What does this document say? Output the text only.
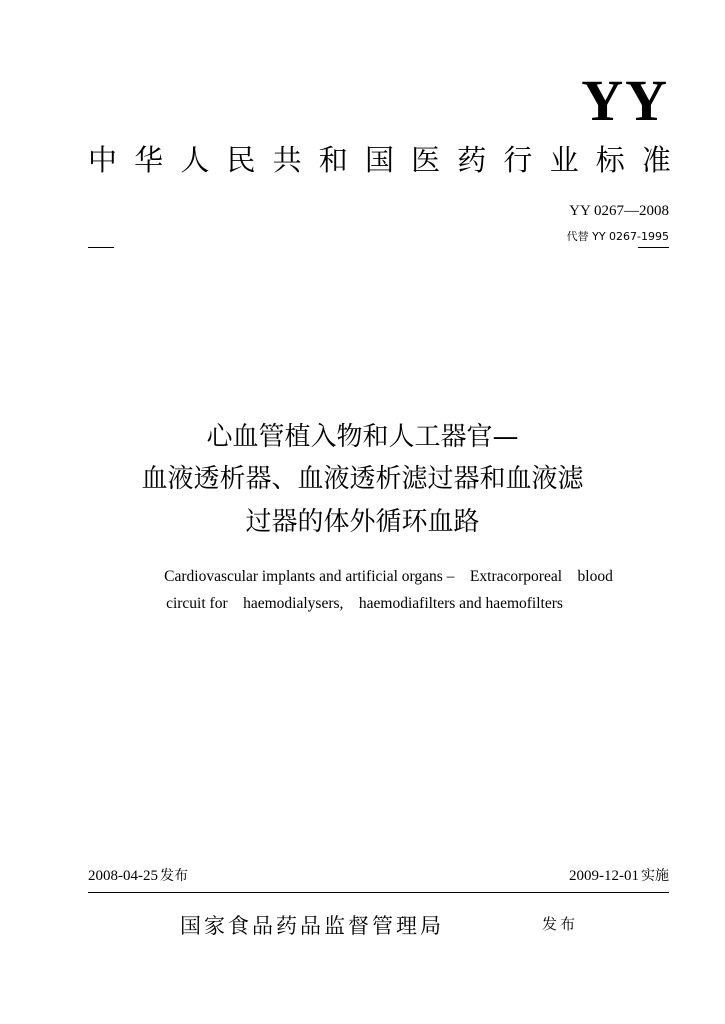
YY
中 华 人 民 共 和 国 医 药 行 业 标 准
YY 0267—2008
代替 YY 0267-1995
心血管植入物和人工器官—
血液透析器、血液透析滤过器和血液滤
过器的体外循环血路
Cardiovascular implants and artificial organs –    Extracorporeal    blood
circuit for    haemodialysers,    haemodiafilters and haemofilters
2008-04-25 发布	2009-12-01 实施
国家食品药品监督管理局	发布
